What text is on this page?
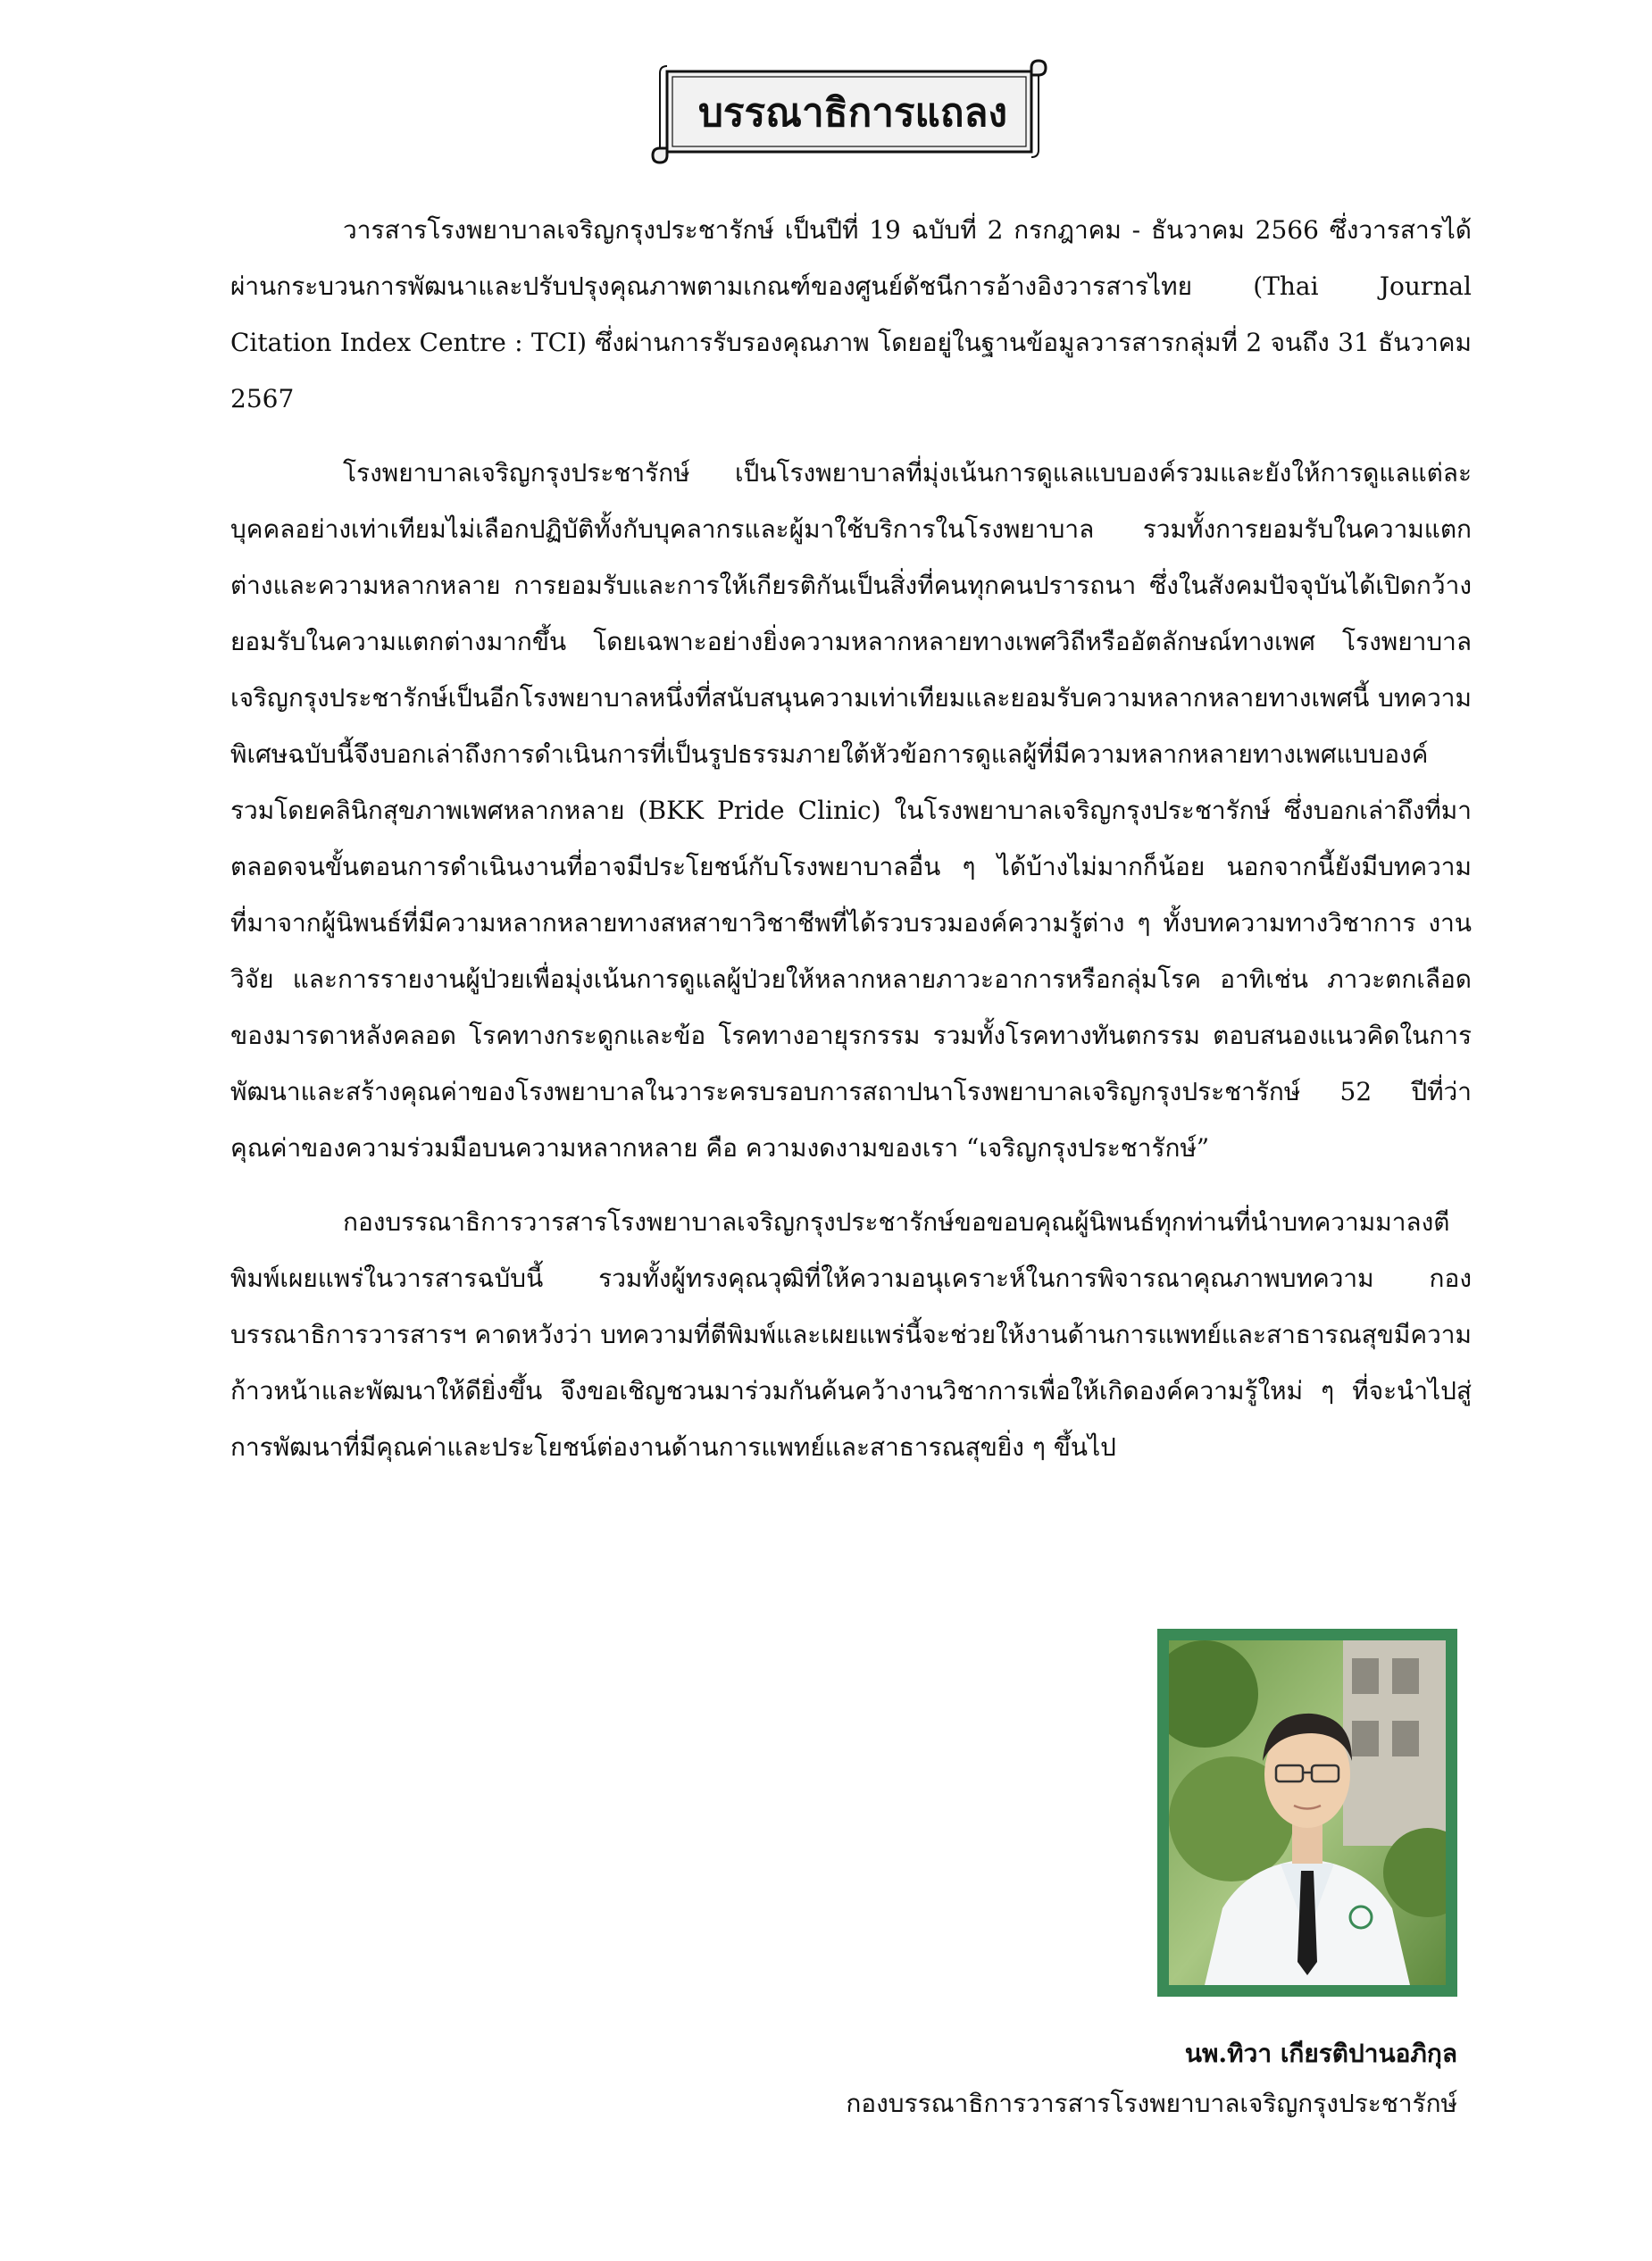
บรรณาธิการแถลง

วารสารโรงพยาบาลเจริญกรุงประชารักษ์ เป็นปีที่ 19 ฉบับที่ 2 กรกฎาคม - ธันวาคม 2566 ซึ่งวารสารได้ผ่านกระบวนการพัฒนาและปรับปรุงคุณภาพตามเกณฑ์ของศูนย์ดัชนีการอ้างอิงวารสารไทย (Thai Journal Citation Index Centre : TCI) ซึ่งผ่านการรับรองคุณภาพ โดยอยู่ในฐานข้อมูลวารสารกลุ่มที่ 2 จนถึง 31 ธันวาคม 2567

โรงพยาบาลเจริญกรุงประชารักษ์ เป็นโรงพยาบาลที่มุ่งเน้นการดูแลแบบองค์รวมและยังให้การดูแลแต่ละบุคคลอย่างเท่าเทียมไม่เลือกปฏิบัติทั้งกับบุคลากรและผู้มาใช้บริการในโรงพยาบาล รวมทั้งการยอมรับในความแตกต่างและความหลากหลาย การยอมรับและการให้เกียรติกันเป็นสิ่งที่คนทุกคนปรารถนา ซึ่งในสังคมปัจจุบันได้เปิดกว้างยอมรับในความแตกต่างมากขึ้น โดยเฉพาะอย่างยิ่งความหลากหลายทางเพศวิถีหรืออัตลักษณ์ทางเพศ โรงพยาบาลเจริญกรุงประชารักษ์เป็นอีกโรงพยาบาลหนึ่งที่สนับสนุนความเท่าเทียมและยอมรับความหลากหลายทางเพศนี้ บทความพิเศษฉบับนี้จึงบอกเล่าถึงการดำเนินการที่เป็นรูปธรรมภายใต้หัวข้อการดูแลผู้ที่มีความหลากหลายทางเพศแบบองค์รวมโดยคลินิกสุขภาพเพศหลากหลาย (BKK Pride Clinic) ในโรงพยาบาลเจริญกรุงประชารักษ์ ซึ่งบอกเล่าถึงที่มาตลอดจนขั้นตอนการดำเนินงานที่อาจมีประโยชน์กับโรงพยาบาลอื่น ๆ ได้บ้างไม่มากก็น้อย นอกจากนี้ยังมีบทความที่มาจากผู้นิพนธ์ที่มีความหลากหลายทางสหสาขาวิชาชีพที่ได้รวบรวมองค์ความรู้ต่าง ๆ ทั้งบทความทางวิชาการ งานวิจัย และการรายงานผู้ป่วยเพื่อมุ่งเน้นการดูแลผู้ป่วยให้หลากหลายภาวะอาการหรือกลุ่มโรค อาทิเช่น ภาวะตกเลือดของมารดาหลังคลอด โรคทางกระดูกและข้อ โรคทางอายุรกรรม รวมทั้งโรคทางทันตกรรม ตอบสนองแนวคิดในการพัฒนาและสร้างคุณค่าของโรงพยาบาลในวาระครบรอบการสถาปนาโรงพยาบาลเจริญกรุงประชารักษ์ 52 ปีที่ว่า คุณค่าของความร่วมมือบนความหลากหลาย คือ ความงดงามของเรา “เจริญกรุงประชารักษ์”

กองบรรณาธิการวารสารโรงพยาบาลเจริญกรุงประชารักษ์ขอขอบคุณผู้นิพนธ์ทุกท่านที่นำบทความมาลงตีพิมพ์เผยแพร่ในวารสารฉบับนี้ รวมทั้งผู้ทรงคุณวุฒิที่ให้ความอนุเคราะห์ในการพิจารณาคุณภาพบทความ กองบรรณาธิการวารสารฯ คาดหวังว่า บทความที่ตีพิมพ์และเผยแพร่นี้จะช่วยให้งานด้านการแพทย์และสาธารณสุขมีความก้าวหน้าและพัฒนาให้ดียิ่งขึ้น จึงขอเชิญชวนมาร่วมกันค้นคว้างานวิชาการเพื่อให้เกิดองค์ความรู้ใหม่ ๆ ที่จะนำไปสู่การพัฒนาที่มีคุณค่าและประโยชน์ต่องานด้านการแพทย์และสาธารณสุขยิ่ง ๆ ขึ้นไป

นพ.ทิวา เกียรติปานอภิกุล
กองบรรณาธิการวารสารโรงพยาบาลเจริญกรุงประชารักษ์
